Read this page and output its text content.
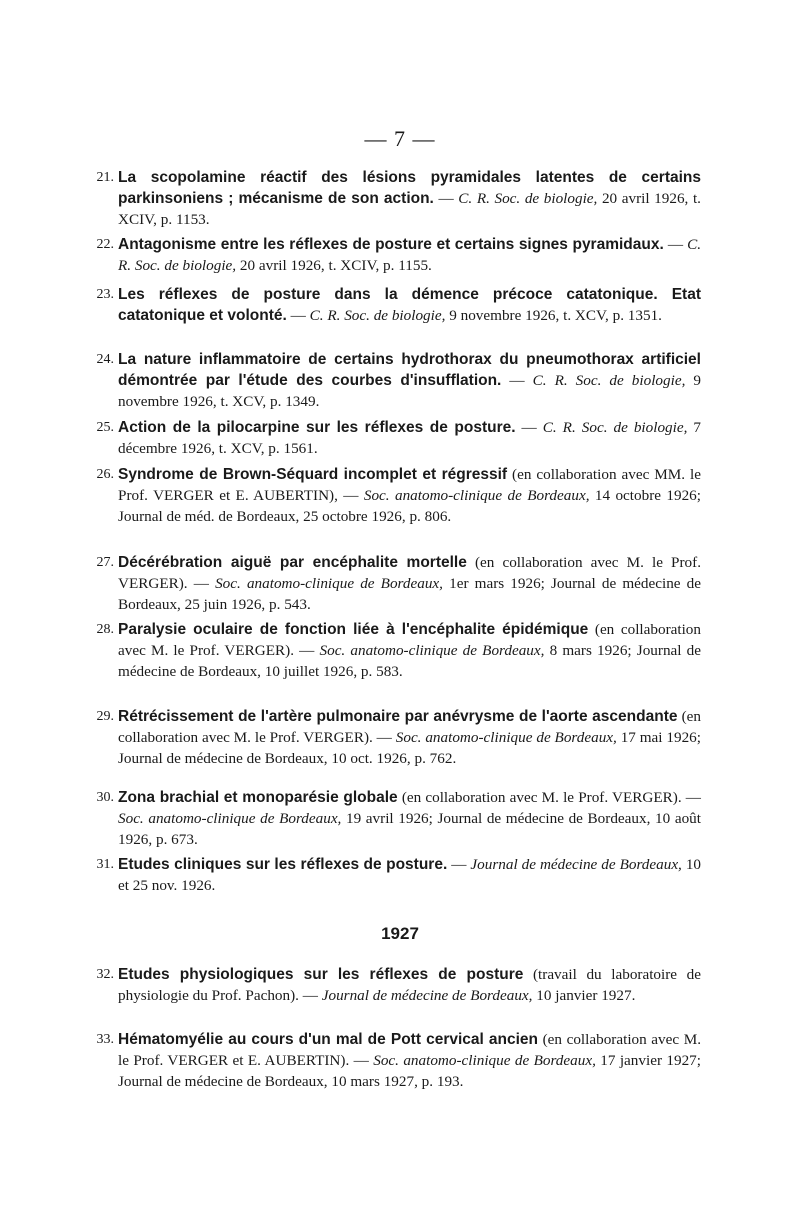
— 7 —
21. La scopolamine réactif des lésions pyramidales latentes de certains parkinsoniens ; mécanisme de son action. — C. R. Soc. de biologie, 20 avril 1926, t. XCIV, p. 1153.
22. Antagonisme entre les réflexes de posture et certains signes pyramidaux. — C. R. Soc. de biologie, 20 avril 1926, t. XCIV, p. 1155.
23. Les réflexes de posture dans la démence précoce catatonique. Etat catatonique et volonté. — C. R. Soc. de biologie, 9 novembre 1926, t. XCV, p. 1351.
24. La nature inflammatoire de certains hydrothorax du pneumothorax artificiel démontrée par l'étude des courbes d'insufflation. — C. R. Soc. de biologie, 9 novembre 1926, t. XCV, p. 1349.
25. Action de la pilocarpine sur les réflexes de posture. — C. R. Soc. de biologie, 7 décembre 1926, t. XCV, p. 1561.
26. Syndrome de Brown-Séquard incomplet et régressif (en collaboration avec MM. le Prof. VERGER et E. AUBERTIN), — Soc. anatomo-clinique de Bordeaux, 14 octobre 1926; Journal de méd. de Bordeaux, 25 octobre 1926, p. 806.
27. Décérébration aiguë par encéphalite mortelle (en collaboration avec M. le Prof. VERGER). — Soc. anatomo-clinique de Bordeaux, 1er mars 1926; Journal de médecine de Bordeaux, 25 juin 1926, p. 543.
28. Paralysie oculaire de fonction liée à l'encéphalite épidémique (en collaboration avec M. le Prof. VERGER). — Soc. anatomo-clinique de Bordeaux, 8 mars 1926; Journal de médecine de Bordeaux, 10 juillet 1926, p. 583.
29. Rétrécissement de l'artère pulmonaire par anévrysme de l'aorte ascendante (en collaboration avec M. le Prof. VERGER). — Soc. anatomo-clinique de Bordeaux, 17 mai 1926; Journal de médecine de Bordeaux, 10 oct. 1926, p. 762.
30. Zona brachial et monoparésie globale (en collaboration avec M. le Prof. VERGER). — Soc. anatomo-clinique de Bordeaux, 19 avril 1926; Journal de médecine de Bordeaux, 10 août 1926, p. 673.
31. Etudes cliniques sur les réflexes de posture. — Journal de médecine de Bordeaux, 10 et 25 nov. 1926.
1927
32. Etudes physiologiques sur les réflexes de posture (travail du laboratoire de physiologie du Prof. Pachon). — Journal de médecine de Bordeaux, 10 janvier 1927.
33. Hématomyélie au cours d'un mal de Pott cervical ancien (en collaboration avec M. le Prof. VERGER et E. AUBERTIN). — Soc. anatomo-clinique de Bordeaux, 17 janvier 1927; Journal de médecine de Bordeaux, 10 mars 1927, p. 193.
